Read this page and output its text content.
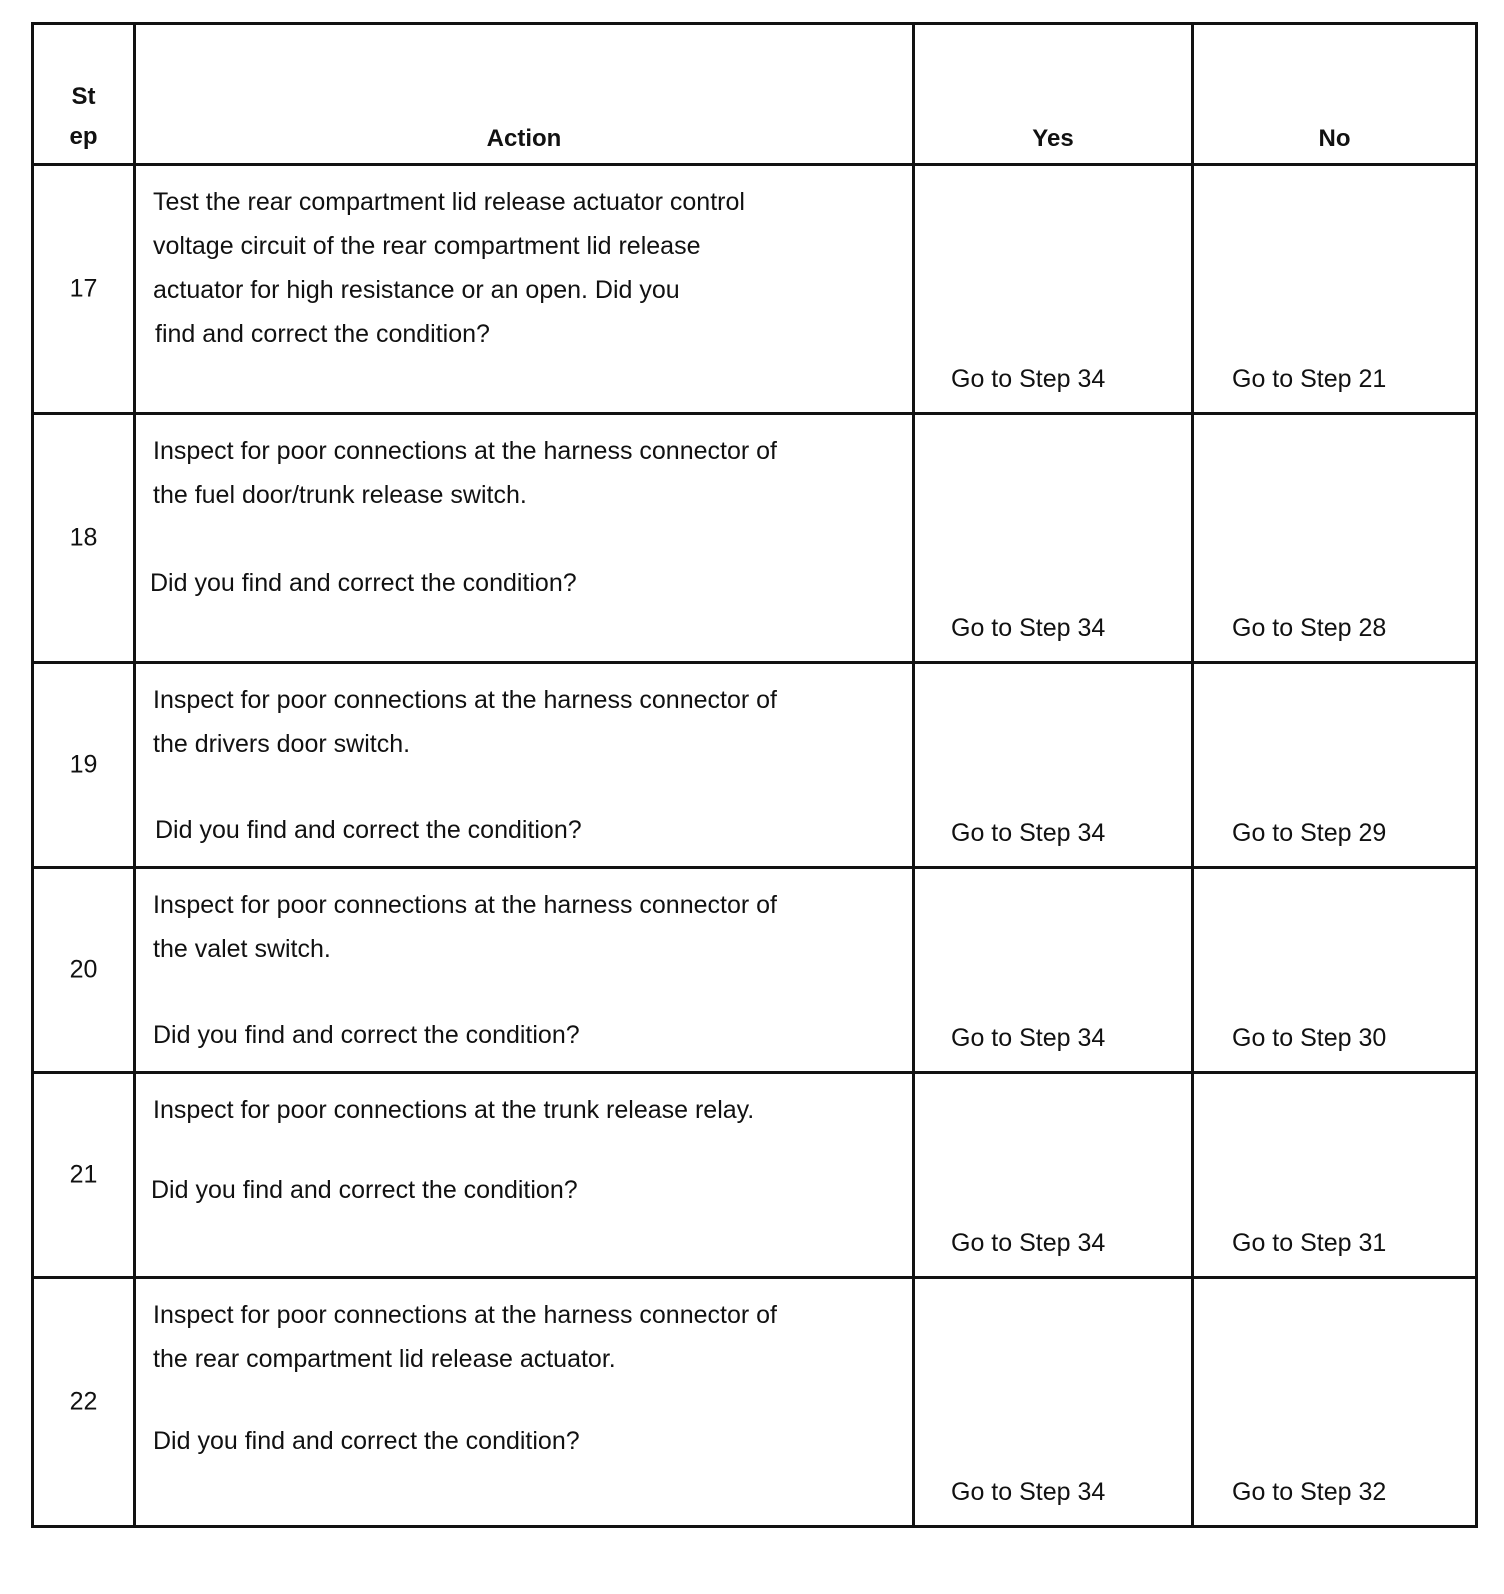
St
ep	Action	Yes	No

17	Test the rear compartment lid release actuator control
voltage circuit of the rear compartment lid release
actuator for high resistance or an open. Did you
find and correct the condition?	Go to Step 34	Go to Step 21

18	Inspect for poor connections at the harness connector of
the fuel door/trunk release switch.
Did you find and correct the condition?	Go to Step 34	Go to Step 28

19	Inspect for poor connections at the harness connector of
the drivers door switch.
Did you find and correct the condition?	Go to Step 34	Go to Step 29

20	Inspect for poor connections at the harness connector of
the valet switch.
Did you find and correct the condition?	Go to Step 34	Go to Step 30

21	Inspect for poor connections at the trunk release relay.
Did you find and correct the condition?	Go to Step 34	Go to Step 31

22	Inspect for poor connections at the harness connector of
the rear compartment lid release actuator.
Did you find and correct the condition?	Go to Step 34	Go to Step 32
